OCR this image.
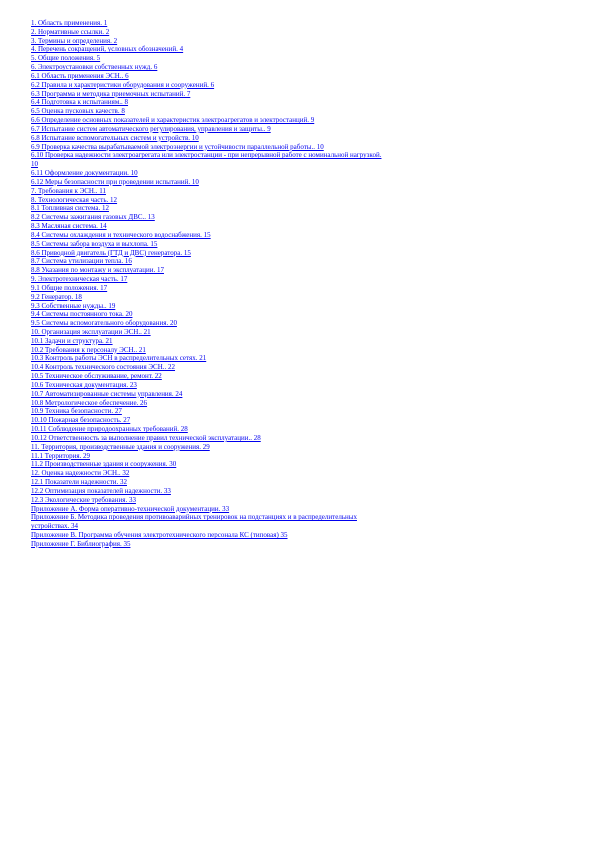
1. Область применения. 1
2. Нормативные ссылки. 2
3. Термины и определения. 2
4. Перечень сокращений, условных обозначений. 4
5. Общие положения. 5
6. Электроустановки собственных нужд. 6
6.1 Область применения ЭСН.. 6
6.2 Правила и характеристики оборудования и сооружений. 6
6.3 Программа и методика приемочных испытаний. 7
6.4 Подготовка к испытаниям.. 8
6.5 Оценка пусковых качеств. 8
6.6 Определение основных показателей и характеристик электроагрегатов и электростанций. 9
6.7 Испытание систем автоматического регулирования, управления и защиты.. 9
6.8 Испытание вспомогательных систем и устройств. 10
6.9 Проверка качества вырабатываемой электроэнергии и устойчивости параллельной работы.. 10
6.10 Проверка надежности электроагрегата или электростанции - при непрерывной работе с номинальной нагрузкой. 10
6.11 Оформление документации. 10
6.12 Меры безопасности при проведении испытаний. 10
7. Требования к ЭСН.. 11
8. Технологическая часть. 12
8.1 Топливная система. 12
8.2 Системы зажигания газовых ДВС.. 13
8.3 Масляная система. 14
8.4 Системы охлаждения и технического водоснабжения. 15
8.5 Системы забора воздуха и выхлопа. 15
8.6 Приводной двигатель (ГТД и ДВС) генератора. 15
8.7 Система утилизации тепла. 16
8.8 Указания по монтажу и эксплуатации. 17
9. Электротехническая часть. 17
9.1 Общие положения. 17
9.2 Генератор. 18
9.3 Собственные нужды.. 19
9.4 Системы постоянного тока. 20
9.5 Системы вспомогательного оборудования. 20
10. Организация эксплуатации ЭСН.. 21
10.1 Задачи и структура. 21
10.2 Требования к персоналу ЭСН.. 21
10.3 Контроль работы ЭСН в распределительных сетях. 21
10.4 Контроль технического состояния ЭСН.. 22
10.5 Техническое обслуживание, ремонт. 22
10.6 Техническая документация. 23
10.7 Автоматизированные системы управления. 24
10.8 Метрологическое обеспечение. 26
10.9 Техника безопасности. 27
10.10 Пожарная безопасность. 27
10.11 Соблюдение природоохранных требований. 28
10.12 Ответственность за выполнение правил технической эксплуатации.. 28
11. Территория, производственные здания и сооружения. 29
11.1 Территория. 29
11.2 Производственные здания и сооружения. 30
12. Оценка надежности ЭСН.. 32
12.1 Показатели надежности. 32
12.2 Оптимизация показателей надежности. 33
12.3 Экологические требования. 33
Приложение А. Форма оперативно-технической документации. 33
Приложение Б. Методика проведения противоаварийных тренировок на подстанциях и в распределительных устройствах. 34
Приложение В. Программа обучения электротехнического персонала КС (типовая) 35
Приложение Г. Библиография. 35
